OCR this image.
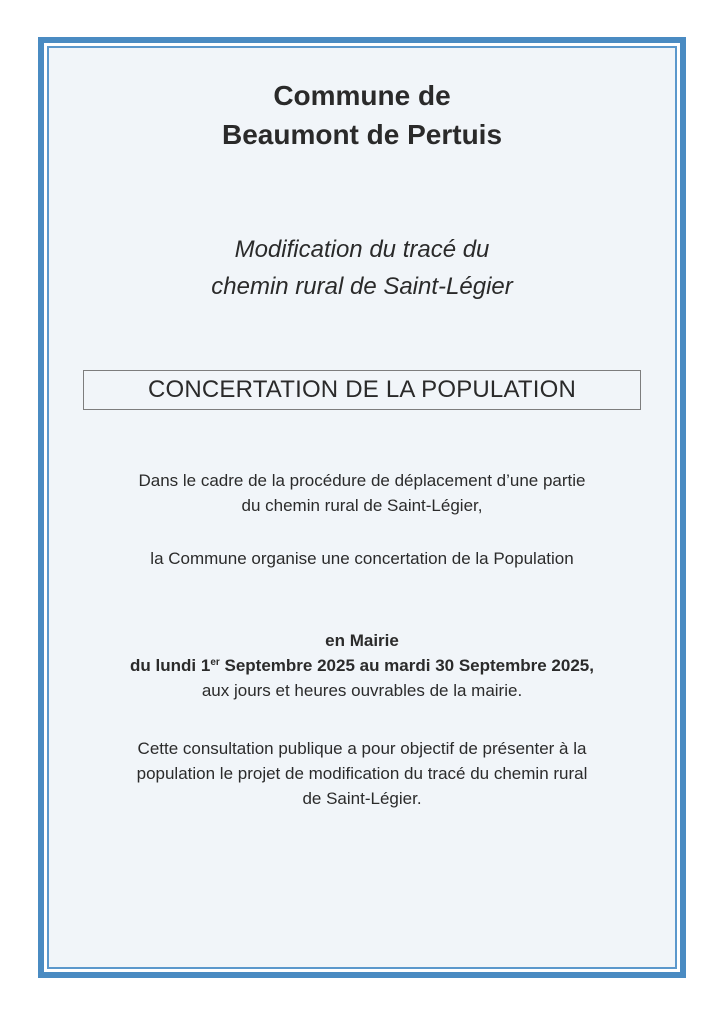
Commune de
Beaumont de Pertuis
Modification du tracé du
chemin rural de Saint-Légier
CONCERTATION DE LA POPULATION
Dans le cadre de la procédure de déplacement d’une partie
du chemin rural de Saint-Légier,
la Commune organise une concertation de la Population
en Mairie
du lundi 1er Septembre 2025 au mardi 30 Septembre 2025,
aux jours et heures ouvrables de la mairie.
Cette consultation publique a pour objectif de présenter à la
population le projet de modification du tracé du chemin rural
de Saint-Légier.
